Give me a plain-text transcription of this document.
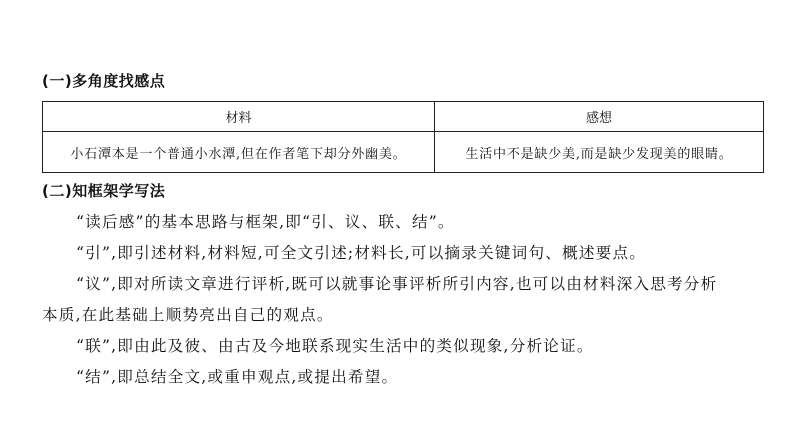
(一)多角度找感点
材料	感想
小石潭本是一个普通小水潭,但在作者笔下却分外幽美。	生活中不是缺少美,而是缺少发现美的眼睛。
(二)知框架学写法
“读后感”的基本思路与框架,即“引、议、联、结”。
“引”,即引述材料,材料短,可全文引述;材料长,可以摘录关键词句、概述要点。
“议”,即对所读文章进行评析,既可以就事论事评析所引内容,也可以由材料深入思考分析
本质,在此基础上顺势亮出自己的观点。
“联”,即由此及彼、由古及今地联系现实生活中的类似现象,分析论证。
“结”,即总结全文,或重申观点,或提出希望。
